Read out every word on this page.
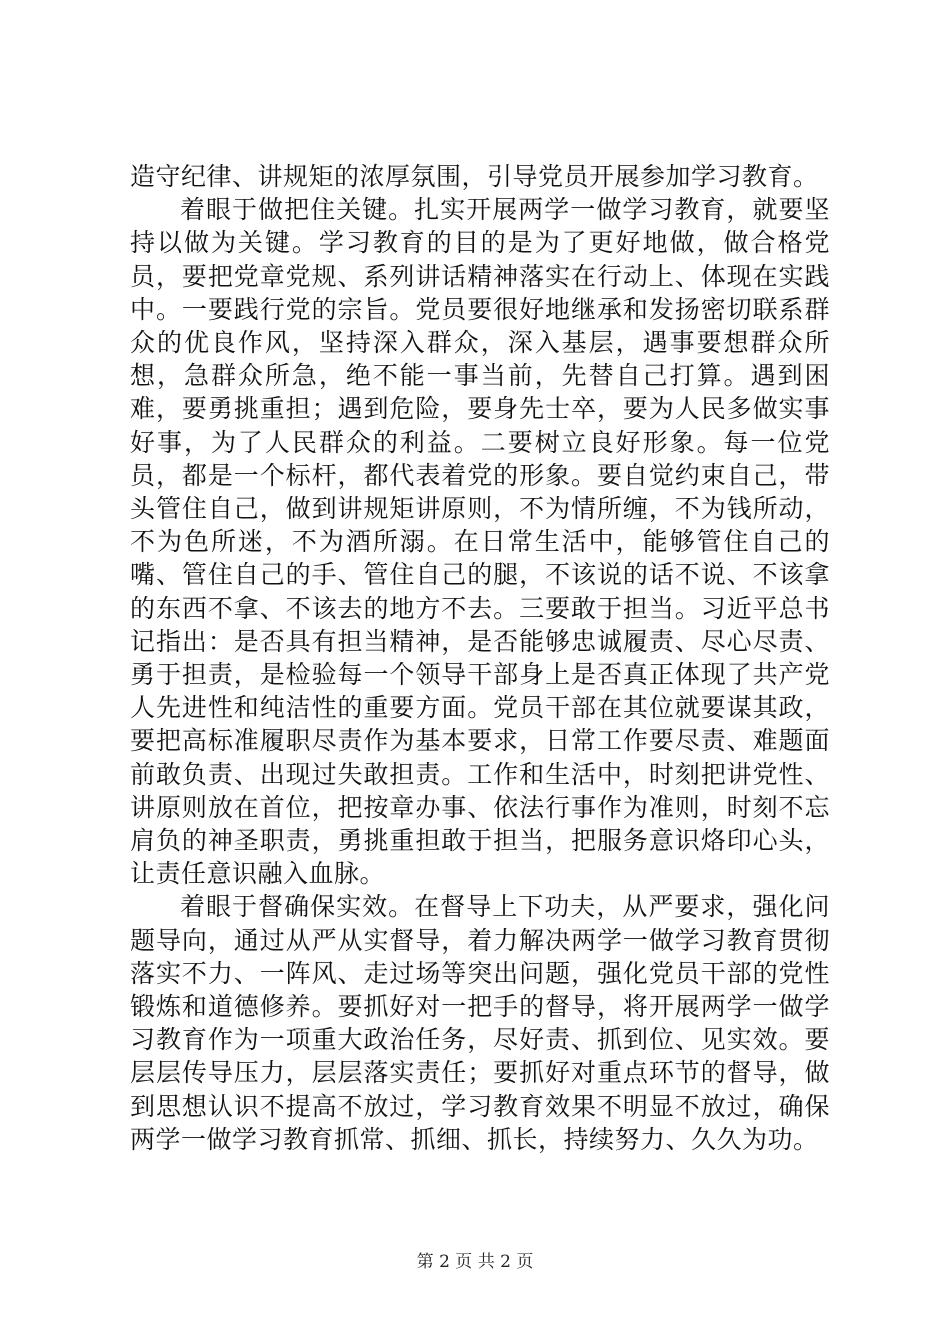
造守纪律、讲规矩的浓厚氛围，引导党员开展参加学习教育。

着眼于做把住关键。扎实开展两学一做学习教育，就要坚持以做为关键。学习教育的目的是为了更好地做，做合格党员，要把党章党规、系列讲话精神落实在行动上、体现在实践中。一要践行党的宗旨。党员要很好地继承和发扬密切联系群众的优良作风，坚持深入群众，深入基层，遇事要想群众所想，急群众所急，绝不能一事当前，先替自己打算。遇到困难，要勇挑重担；遇到危险，要身先士卒，要为人民多做实事好事，为了人民群众的利益。二要树立良好形象。每一位党员，都是一个标杆，都代表着党的形象。要自觉约束自己，带头管住自己，做到讲规矩讲原则，不为情所缠，不为钱所动，不为色所迷，不为酒所溺。在日常生活中，能够管住自己的嘴、管住自己的手、管住自己的腿，不该说的话不说、不该拿的东西不拿、不该去的地方不去。三要敢于担当。习近平总书记指出：是否具有担当精神，是否能够忠诚履责、尽心尽责、勇于担责，是检验每一个领导干部身上是否真正体现了共产党人先进性和纯洁性的重要方面。党员干部在其位就要谋其政，要把高标准履职尽责作为基本要求，日常工作要尽责、难题面前敢负责、出现过失敢担责。工作和生活中，时刻把讲党性、讲原则放在首位，把按章办事、依法行事作为准则，时刻不忘肩负的神圣职责，勇挑重担敢于担当，把服务意识烙印心头，让责任意识融入血脉。

着眼于督确保实效。在督导上下功夫，从严要求，强化问题导向，通过从严从实督导，着力解决两学一做学习教育贯彻落实不力、一阵风、走过场等突出问题，强化党员干部的党性锻炼和道德修养。要抓好对一把手的督导，将开展两学一做学习教育作为一项重大政治任务，尽好责、抓到位、见实效。要层层传导压力，层层落实责任；要抓好对重点环节的督导，做到思想认识不提高不放过，学习教育效果不明显不放过，确保两学一做学习教育抓常、抓细、抓长，持续努力、久久为功。

第 2 页 共 2 页
